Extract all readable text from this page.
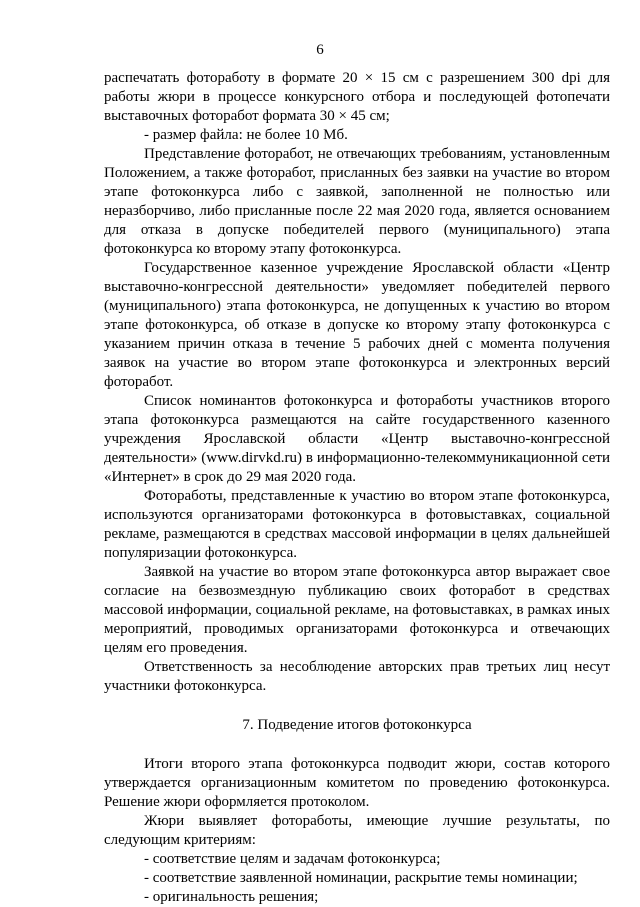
6

распечатать фотоработу в формате 20 × 15 см с разрешением 300 dpi для работы жюри в процессе конкурсного отбора и последующей фотопечати выставочных фоторабот формата 30 × 45 см;

- размер файла: не более 10 Мб.

Представление фоторабот, не отвечающих требованиям, установленным Положением, а также фоторабот, присланных без заявки на участие во втором этапе фотоконкурса либо с заявкой, заполненной не полностью или неразборчиво, либо присланные после 22 мая 2020 года, является основанием для отказа в допуске победителей первого (муниципального) этапа фотоконкурса ко второму этапу фотоконкурса.

Государственное казенное учреждение Ярославской области «Центр выставочно-конгрессной деятельности» уведомляет победителей первого (муниципального) этапа фотоконкурса, не допущенных к участию во втором этапе фотоконкурса, об отказе в допуске ко второму этапу фотоконкурса с указанием причин отказа в течение 5 рабочих дней с момента получения заявок на участие во втором этапе фотоконкурса и электронных версий фоторабот.

Список номинантов фотоконкурса и фотоработы участников второго этапа фотоконкурса размещаются на сайте государственного казенного учреждения Ярославской области «Центр выставочно-конгрессной деятельности» (www.dirvkd.ru) в информационно-телекоммуникационной сети «Интернет» в срок до 29 мая 2020 года.

Фотоработы, представленные к участию во втором этапе фотоконкурса, используются организаторами фотоконкурса в фотовыставках, социальной рекламе, размещаются в средствах массовой информации в целях дальнейшей популяризации фотоконкурса.

Заявкой на участие во втором этапе фотоконкурса автор выражает свое согласие на безвозмездную публикацию своих фоторабот в средствах массовой информации, социальной рекламе, на фотовыставках, в рамках иных мероприятий, проводимых организаторами фотоконкурса и отвечающих целям его проведения.

Ответственность за несоблюдение авторских прав третьих лиц несут участники фотоконкурса.

7. Подведение итогов фотоконкурса

Итоги второго этапа фотоконкурса подводит жюри, состав которого утверждается организационным комитетом по проведению фотоконкурса. Решение жюри оформляется протоколом.

Жюри выявляет фотоработы, имеющие лучшие результаты, по следующим критериям:

- соответствие целям и задачам фотоконкурса;

- соответствие заявленной номинации, раскрытие темы номинации;

- оригинальность решения;
